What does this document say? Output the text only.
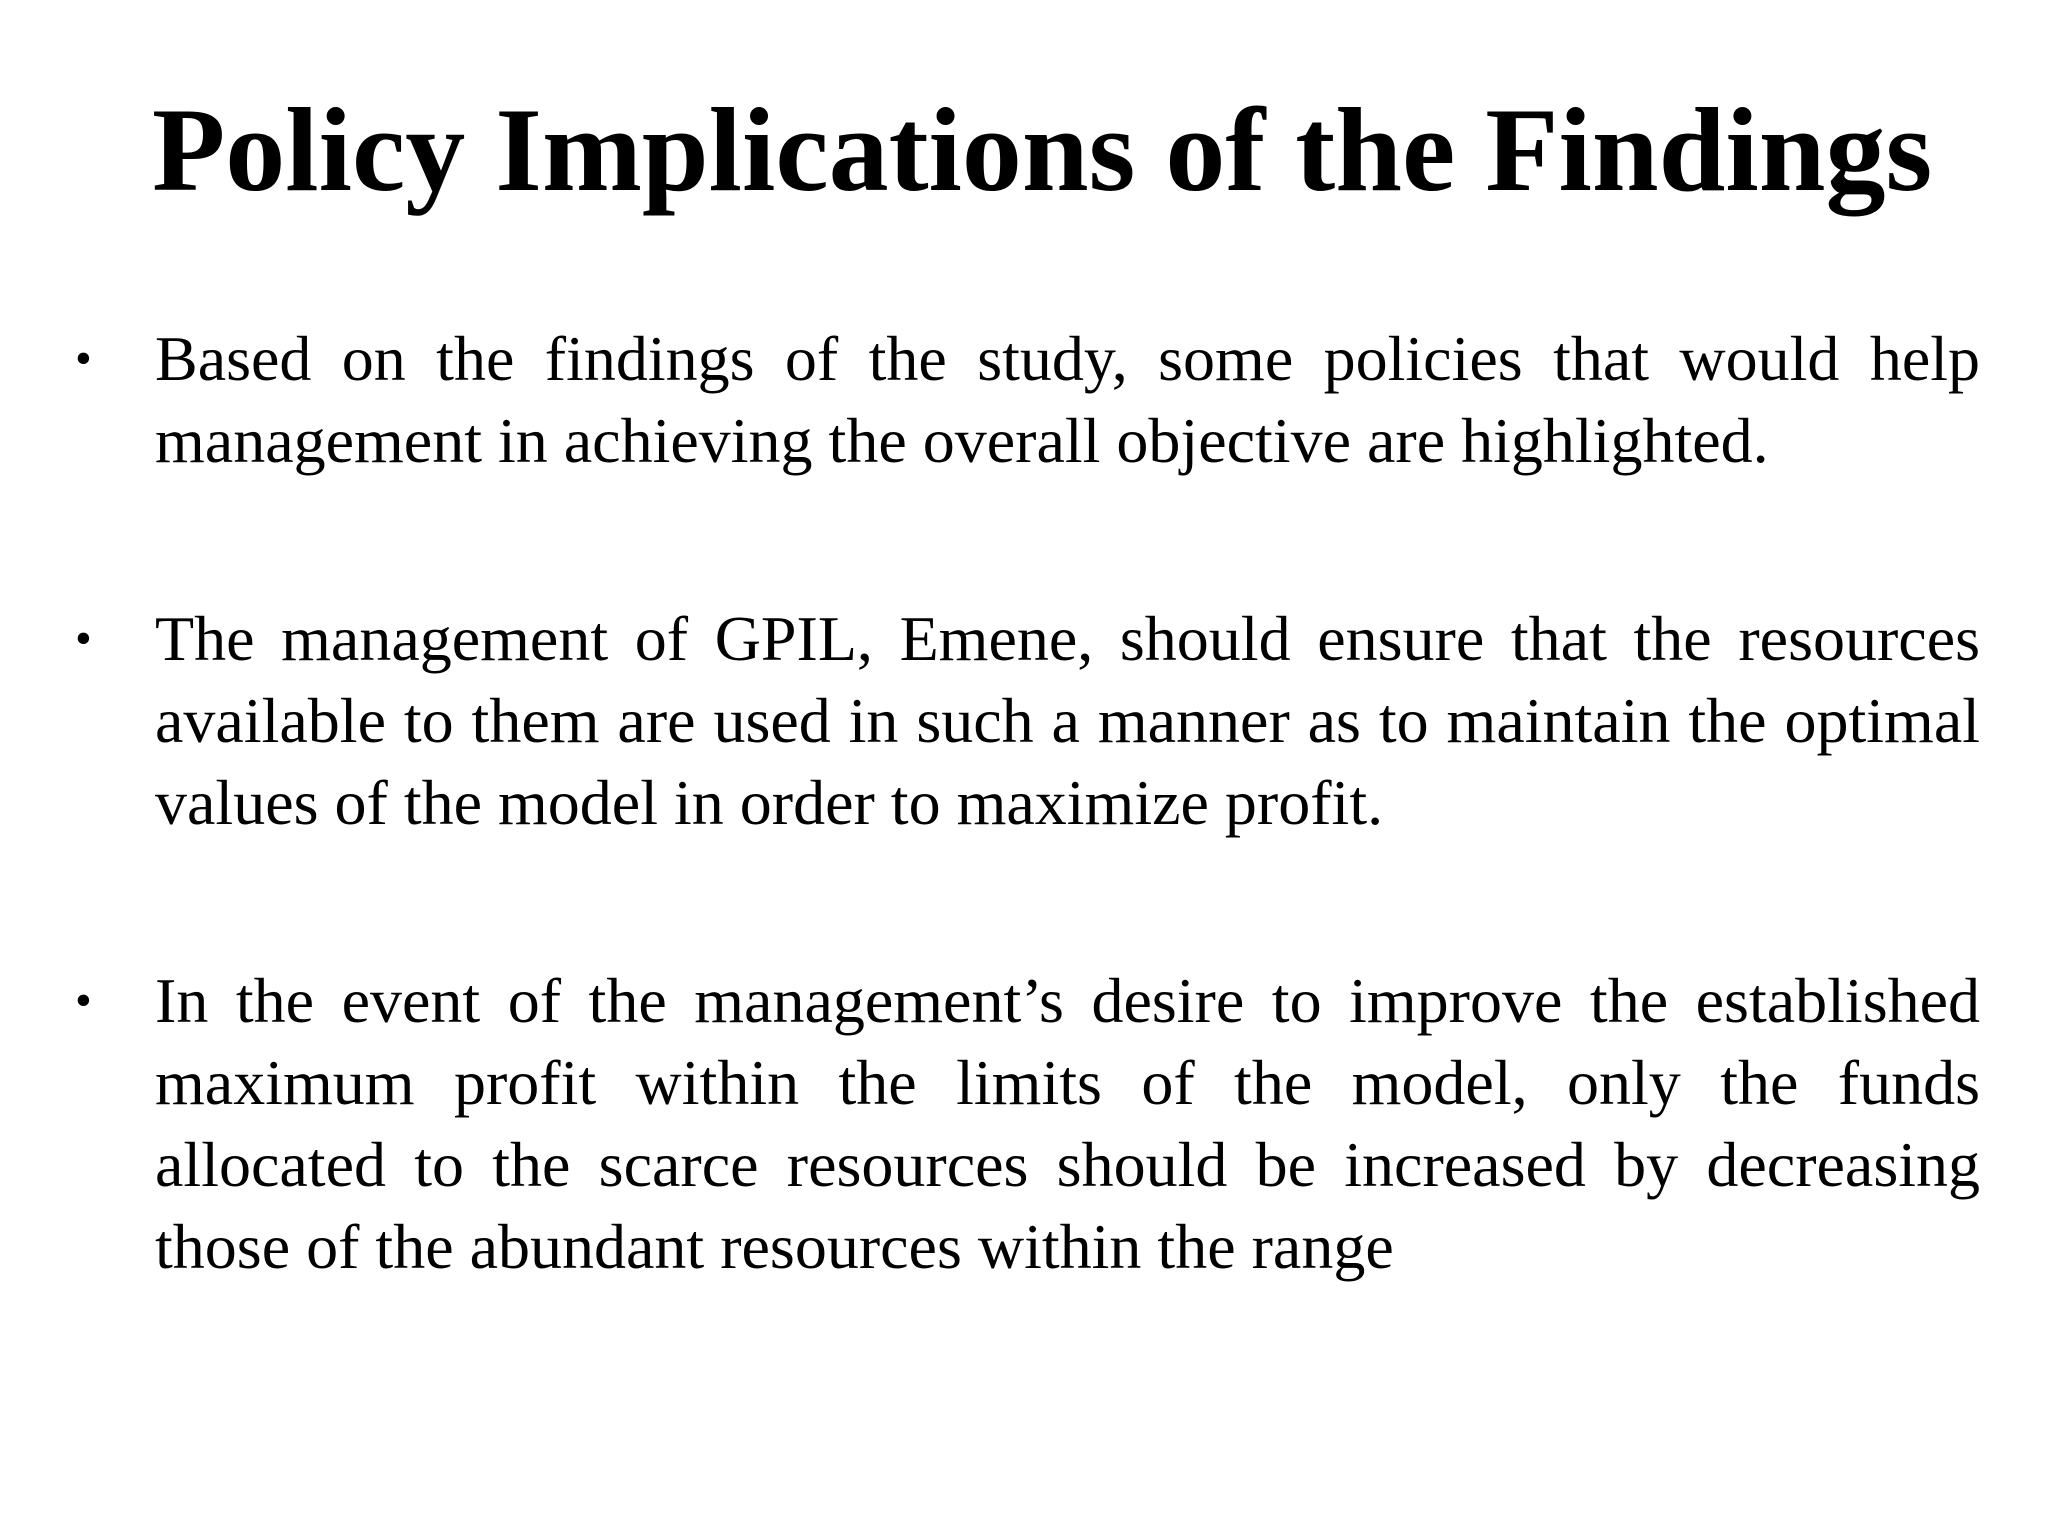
Policy Implications of the Findings
• Based on the findings of the study, some policies that would help management in achieving the overall objective are highlighted.
• The management of GPIL, Emene, should ensure that the resources available to them are used in such a manner as to maintain the optimal values of the model in order to maximize profit.
• In the event of the management’s desire to improve the established maximum profit within the limits of the model, only the funds allocated to the scarce resources should be increased by decreasing those of the abundant resources within the range
